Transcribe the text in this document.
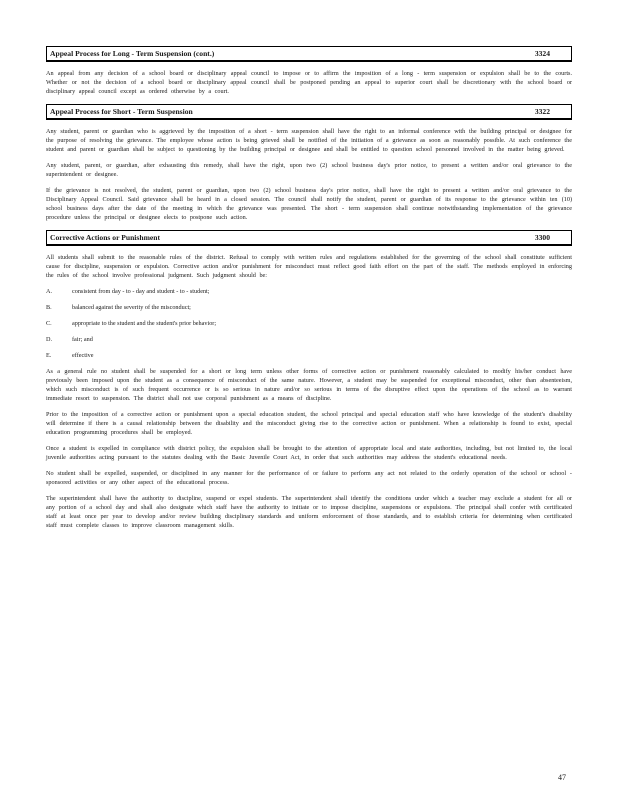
Appeal Process for Long - Term Suspension (cont.)	3324

An appeal from any decision of a school board or disciplinary appeal council to impose or to affirm the imposition of a long - term suspension or expulsion shall be to the courts. Whether or not the decision of a school board or disciplinary appeal council shall be postponed pending an appeal to superior court shall be discretionary with the school board or disciplinary appeal council except as ordered otherwise by a court.

Appeal Process for Short - Term Suspension	3322

Any student, parent or guardian who is aggrieved by the imposition of a short - term suspension shall have the right to an informal conference with the building principal or designee for the purpose of resolving the grievance. The employee whose action is being grieved shall be notified of the initiation of a grievance as soon as reasonably possible. At such conference the student and parent or guardian shall be subject to questioning by the building principal or designee and shall be entitled to question school personnel involved in the matter being grieved.

Any student, parent, or guardian, after exhausting this remedy, shall have the right, upon two (2) school business day's prior notice, to present a written and/or oral grievance to the superintendent or designee.

If the grievance is not resolved, the student, parent or guardian, upon two (2) school business day's prior notice, shall have the right to present a written and/or oral grievance to the Disciplinary Appeal Council. Said grievance shall be heard in a closed session. The council shall notify the student, parent or guardian of its response to the grievance within ten (10) school business days after the date of the meeting in which the grievance was presented. The short - term suspension shall continue notwithstanding implementation of the grievance procedure unless the principal or designee elects to postpone such action.

Corrective Actions or Punishment	3300

All students shall submit to the reasonable rules of the district. Refusal to comply with written rules and regulations established for the governing of the school shall constitute sufficient cause for discipline, suspension or expulsion. Corrective action and/or punishment for misconduct must reflect good faith effort on the part of the staff. The methods employed in enforcing the rules of the school involve professional judgment. Such judgment should be:

A.	consistent from day - to - day and student - to - student;
B.	balanced against the severity of the misconduct;
C.	appropriate to the student and the student's prior behavior;
D.	fair; and
E.	effective

As a general rule no student shall be suspended for a short or long term unless other forms of corrective action or punishment reasonably calculated to modify his/her conduct have previously been imposed upon the student as a consequence of misconduct of the same nature. However, a student may be suspended for exceptional misconduct, other than absenteeism, which such misconduct is of such frequent occurrence or is so serious in nature and/or so serious in terms of the disruptive effect upon the operations of the school as to warrant immediate resort to suspension. The district shall not use corporal punishment as a means of discipline.

Prior to the imposition of a corrective action or punishment upon a special education student, the school principal and special education staff who have knowledge of the student's disability will determine if there is a causal relationship between the disability and the misconduct giving rise to the corrective action or punishment. When a relationship is found to exist, special education programming procedures shall be employed.

Once a student is expelled in compliance with district policy, the expulsion shall be brought to the attention of appropriate local and state authorities, including, but not limited to, the local juvenile authorities acting pursuant to the statutes dealing with the Basic Juvenile Court Act, in order that such authorities may address the student's educational needs.

No student shall be expelled, suspended, or disciplined in any manner for the performance of or failure to perform any act not related to the orderly operation of the school or school - sponsored activities or any other aspect of the educational process.

The superintendent shall have the authority to discipline, suspend or expel students. The superintendent shall identify the conditions under which a teacher may exclude a student for all or any portion of a school day and shall also designate which staff have the authority to initiate or to impose discipline, suspensions or expulsions. The principal shall confer with certificated staff at least once per year to develop and/or review building disciplinary standards and uniform enforcement of those standards, and to establish criteria for determining when certificated staff must complete classes to improve classroom management skills.

47
